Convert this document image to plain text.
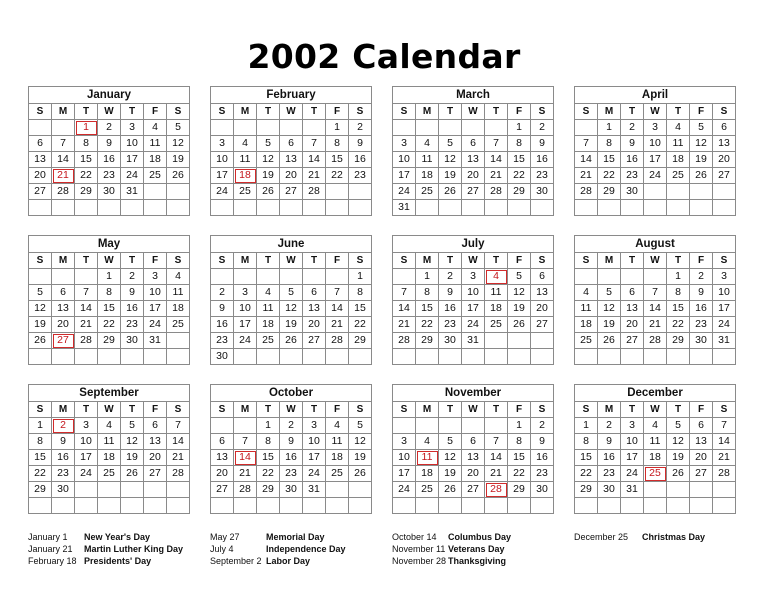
2002 Calendar
January						
S	M	T	W	T	F	S
		1	2	3	4	5
6	7	8	9	10	11	12
13	14	15	16	17	18	19
20	21	22	23	24	25	26
27	28	29	30	31		

February						
S	M	T	W	T	F	S
					1	2
3	4	5	6	7	8	9
10	11	12	13	14	15	16
17	18	19	20	21	22	23
24	25	26	27	28		

March						
S	M	T	W	T	F	S
					1	2
3	4	5	6	7	8	9
10	11	12	13	14	15	16
17	18	19	20	21	22	23
24	25	26	27	28	29	30
31						
April						
S	M	T	W	T	F	S
	1	2	3	4	5	6
7	8	9	10	11	12	13
14	15	16	17	18	19	20
21	22	23	24	25	26	27
28	29	30				

May						
S	M	T	W	T	F	S
			1	2	3	4
5	6	7	8	9	10	11
12	13	14	15	16	17	18
19	20	21	22	23	24	25
26	27	28	29	30	31	

June						
S	M	T	W	T	F	S
						1
2	3	4	5	6	7	8
9	10	11	12	13	14	15
16	17	18	19	20	21	22
23	24	25	26	27	28	29
30						
July						
S	M	T	W	T	F	S
	1	2	3	4	5	6
7	8	9	10	11	12	13
14	15	16	17	18	19	20
21	22	23	24	25	26	27
28	29	30	31			

August						
S	M	T	W	T	F	S
				1	2	3
4	5	6	7	8	9	10
11	12	13	14	15	16	17
18	19	20	21	22	23	24
25	26	27	28	29	30	31

September						
S	M	T	W	T	F	S
1	2	3	4	5	6	7
8	9	10	11	12	13	14
15	16	17	18	19	20	21
22	23	24	25	26	27	28
29	30					

October						
S	M	T	W	T	F	S
		1	2	3	4	5
6	7	8	9	10	11	12
13	14	15	16	17	18	19
20	21	22	23	24	25	26
27	28	29	30	31		

November						
S	M	T	W	T	F	S
					1	2
3	4	5	6	7	8	9
10	11	12	13	14	15	16
17	18	19	20	21	22	23
24	25	26	27	28	29	30

December						
S	M	T	W	T	F	S
1	2	3	4	5	6	7
8	9	10	11	12	13	14
15	16	17	18	19	20	21
22	23	24	25	26	27	28
29	30	31				

January 1 New Year's Day
January 21 Martin Luther King Day
February 18 Presidents' Day
May 27	Memorial Day
July 4	Independence Day
September 2 Labor Day
October 14 Columbus Day
November 11 Veterans Day
November 28 Thanksgiving
December 25 Christmas Day
